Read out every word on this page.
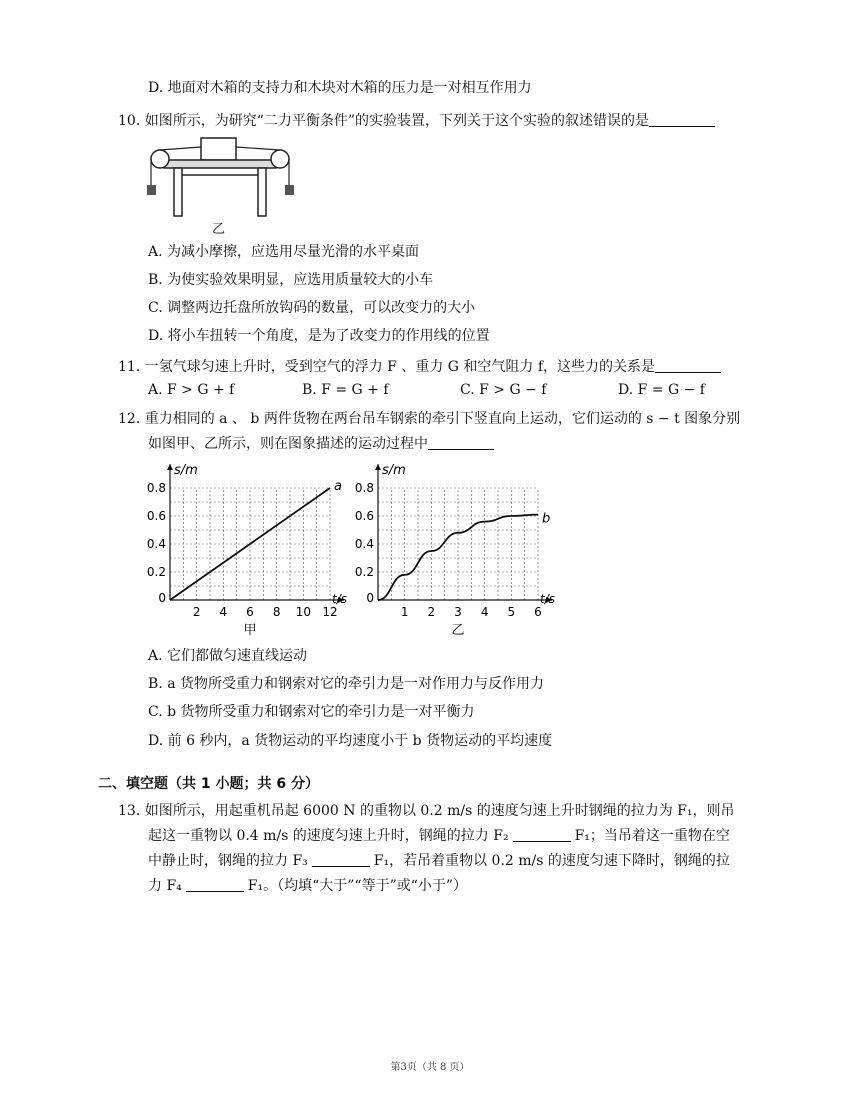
D. 地面对木箱的支持力和木块对木箱的压力是一对相互作用力
10. 如图所示，为研究“二力平衡条件”的实验装置，下列关于这个实验的叙述错误的是
乙
A. 为减小摩擦，应选用尽量光滑的水平桌面
B. 为使实验效果明显，应选用质量较大的小车
C. 调整两边托盘所放钩码的数量，可以改变力的大小
D. 将小车扭转一个角度，是为了改变力的作用线的位置
11. 一氢气球匀速上升时，受到空气的浮力 F 、重力 G 和空气阻力 f，这些力的关系是
A. F > G + f	B. F = G + f	C. F > G − f	D. F = G − f
12. 重力相同的 a 、 b 两件货物在两台吊车钢索的牵引下竖直向上运动，它们运动的 s − t 图象分别
如图甲、乙所示，则在图象描述的运动过程中
s/m
t/s
2 4 6 8 10 12
0.2
0.4
0.6
0.8
0
a
甲
s/m
t/s
1 2 3 4 5 6
0.2
0.4
0.6
0.8
0
b
乙
A. 它们都做匀速直线运动
B. a 货物所受重力和钢索对它的牵引力是一对作用力与反作用力
C. b 货物所受重力和钢索对它的牵引力是一对平衡力
D. 前 6 秒内，a 货物运动的平均速度小于 b 货物运动的平均速度
二、填空题（共 1 小题；共 6 分）
13. 如图所示，用起重机吊起 6000 N 的重物以 0.2 m/s 的速度匀速上升时钢绳的拉力为 F₁，则吊
起这一重物以 0.4 m/s 的速度匀速上升时，钢绳的拉力 F₂	F₁；当吊着这一重物在空
中静止时，钢绳的拉力 F₃	F₁，若吊着重物以 0.2 m/s 的速度匀速下降时，钢绳的拉
力 F₄	F₁。（均填“大于”“等于”或“小于”）
第3页（共 8 页）
